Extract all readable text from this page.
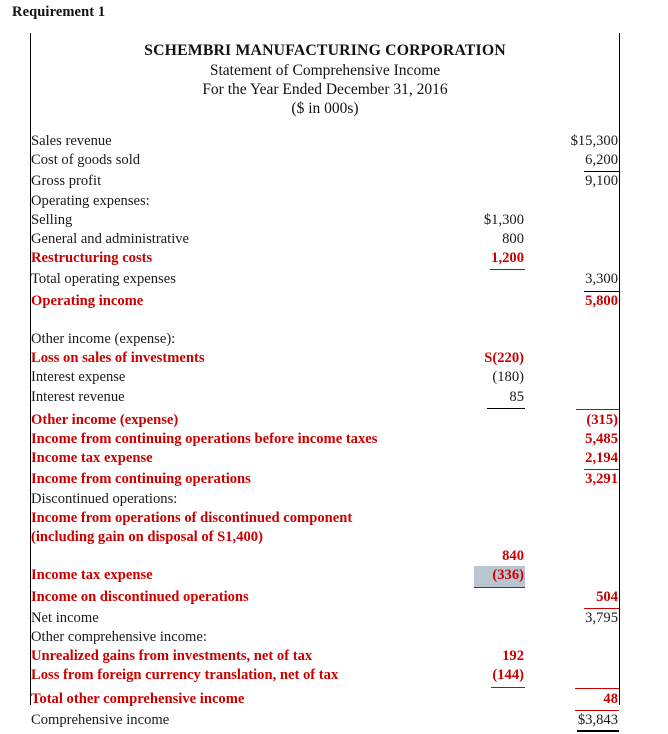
Requirement 1
SCHEMBRI MANUFACTURING CORPORATION
Statement of Comprehensive Income
For the Year Ended December 31, 2016
($ in 000s)
Sales revenue		$15,300
Cost of goods sold		6,200
Gross profit		9,100
Operating expenses:		
Selling	$1,300	
General and administrative	800	
Restructuring costs	1,200	
Total operating expenses		3,300
Operating income		5,800

Other income (expense):		
Loss on sales of investments	S(220)	
Interest expense	(180)	
Interest revenue	85	
Other income (expense)		(315)
Income from continuing operations before income taxes		5,485
Income tax expense		2,194
Income from continuing operations		3,291
Discontinued operations:		
Income from operations of discontinued component		
(including gain on disposal of S1,400)		
	840	
Income tax expense	(336)	
Income on discontinued operations		504
Net income		3,795
Other comprehensive income:		
Unrealized gains from investments, net of tax	192	
Loss from foreign currency translation, net of tax	(144)	
Total other comprehensive income		48
Comprehensive income		$3,843
